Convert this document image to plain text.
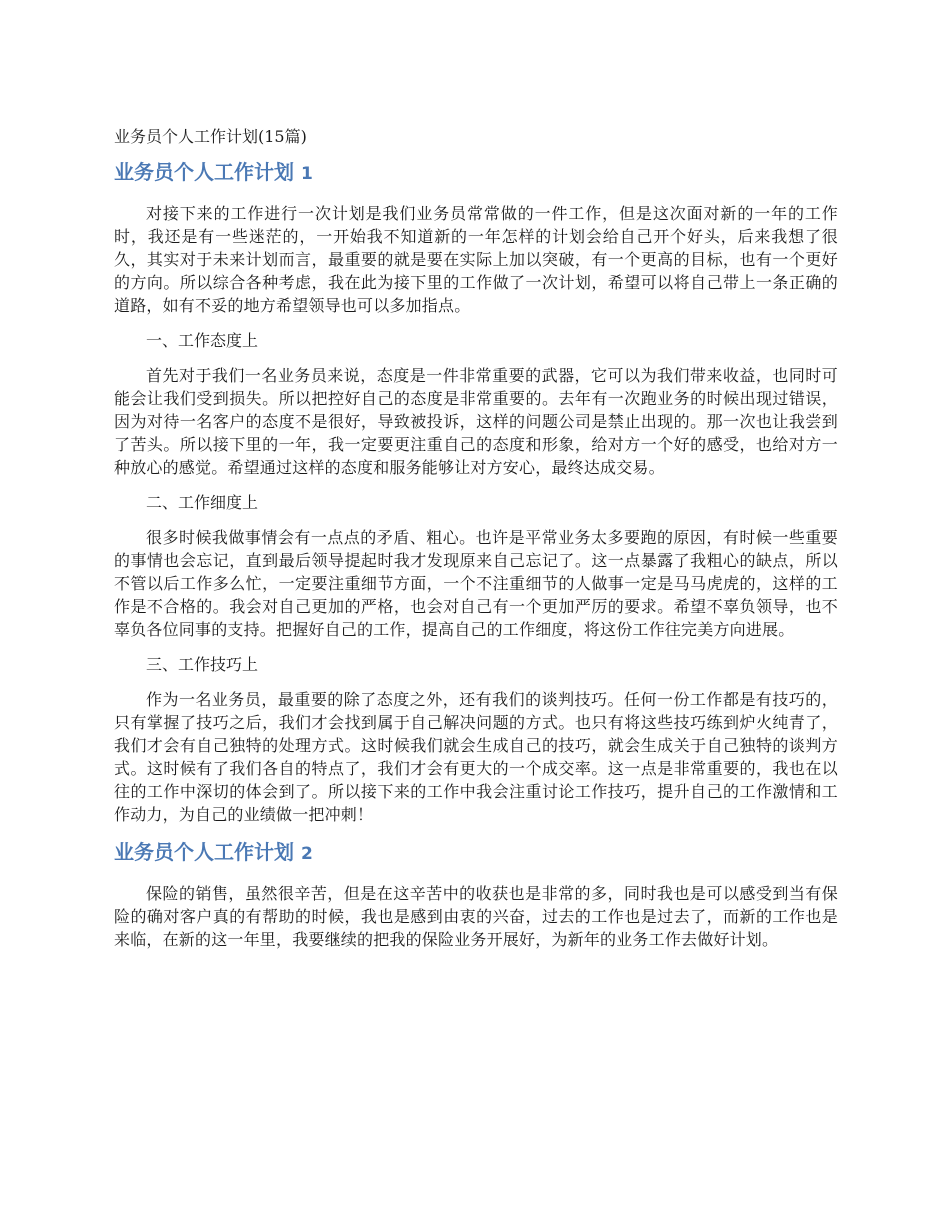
业务员个人工作计划(15篇)
业务员个人工作计划 1

对接下来的工作进行一次计划是我们业务员常常做的一件工作，但是这次面对新的一年的工作时，我还是有一些迷茫的，一开始我不知道新的一年怎样的计划会给自己开个好头，后来我想了很久，其实对于未来计划而言，最重要的就是要在实际上加以突破，有一个更高的目标，也有一个更好的方向。所以综合各种考虑，我在此为接下里的工作做了一次计划，希望可以将自己带上一条正确的道路，如有不妥的地方希望领导也可以多加指点。

一、工作态度上

首先对于我们一名业务员来说，态度是一件非常重要的武器，它可以为我们带来收益，也同时可能会让我们受到损失。所以把控好自己的态度是非常重要的。去年有一次跑业务的时候出现过错误，因为对待一名客户的态度不是很好，导致被投诉，这样的问题公司是禁止出现的。那一次也让我尝到了苦头。所以接下里的一年，我一定要更注重自己的态度和形象，给对方一个好的感受，也给对方一种放心的感觉。希望通过这样的态度和服务能够让对方安心，最终达成交易。

二、工作细度上

很多时候我做事情会有一点点的矛盾、粗心。也许是平常业务太多要跑的原因，有时候一些重要的事情也会忘记，直到最后领导提起时我才发现原来自己忘记了。这一点暴露了我粗心的缺点，所以不管以后工作多么忙，一定要注重细节方面，一个不注重细节的人做事一定是马马虎虎的，这样的工作是不合格的。我会对自己更加的严格，也会对自己有一个更加严厉的要求。希望不辜负领导，也不辜负各位同事的支持。把握好自己的工作，提高自己的工作细度，将这份工作往完美方向进展。

三、工作技巧上

作为一名业务员，最重要的除了态度之外，还有我们的谈判技巧。任何一份工作都是有技巧的，只有掌握了技巧之后，我们才会找到属于自己解决问题的方式。也只有将这些技巧练到炉火纯青了，我们才会有自己独特的处理方式。这时候我们就会生成自己的技巧，就会生成关于自己独特的谈判方式。这时候有了我们各自的特点了，我们才会有更大的一个成交率。这一点是非常重要的，我也在以往的工作中深切的体会到了。所以接下来的工作中我会注重讨论工作技巧，提升自己的工作激情和工作动力，为自己的业绩做一把冲刺！

业务员个人工作计划 2

保险的销售，虽然很辛苦，但是在这辛苦中的收获也是非常的多，同时我也是可以感受到当有保险的确对客户真的有帮助的时候，我也是感到由衷的兴奋，过去的工作也是过去了，而新的工作也是来临，在新的这一年里，我要继续的把我的保险业务开展好，为新年的业务工作去做好计划。
